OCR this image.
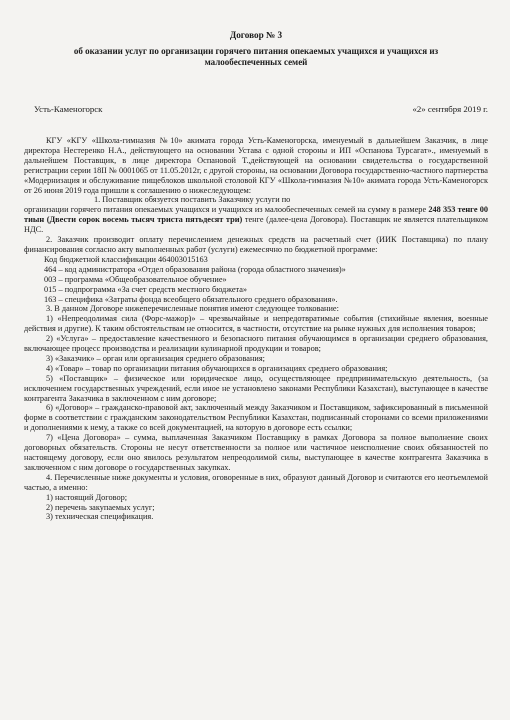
Договор № 3
об оказании услуг по организации горячего питания опекаемых учащихся и учащихся из
малообеспеченных семей
Усть-Каменогорск	«2» сентября 2019 г.

КГУ «КГУ «Школа-гимназия №10» акимата города Усть-Каменогорска, именуемый в дальнейшем Заказчик, в лице директора Нестеренко Н.А., действующего на основании Устава с одной стороны и ИП «Оспанова Турсагат»., именуемый в дальнейшем Поставщик, в лице директора Оспановой Т.,действующей на основании свидетельства о государственной регистрации серии 18II № 0001065 от 11.05.2012г, с другой стороны, на основании Договора государственно-частного партнерства «Модернизация и обслуживание пищеблоков школьной столовой КГУ «Школа-гимназия №10» акимата города Усть-Каменогорск от 26 июня 2019 года пришли к соглашению о нижеследующем:

1. Поставщик обязуется поставить Заказчику услуги по

организации горячего питания опекаемых учащихся и учащихся из малообеспеченных семей на сумму в размере 248 353 тенге 00 тиын (Двести сорок восемь тысяч триста пятьдесят три) тенге (далее-цена Договора). Поставщик не является плательщиком НДС.

2. Заказчик производит оплату перечислением денежных средств на расчетный счет (ИИК Поставщика) по плану финансирования согласно акту выполненных работ (услуги) ежемесячно по бюджетной программе:

Код бюджетной классификации 464003015163

464 – код администратора «Отдел образования района (города областного значения)»

003 – программа «Общеобразовательное обучение»

015 – подпрограмма «За счет средств местного бюджета»

163 – специфика «Затраты фонда всеобщего обязательного среднего образования».

3. В данном Договоре нижеперечисленные понятия имеют следующее толкование:

1) «Непреодолимая сила (Форс-мажор)» – чрезвычайные и непредотвратимые события (стихийные явления, военные действия и другие). К таким обстоятельствам не относится, в частности, отсутствие на рынке нужных для исполнения товаров;

2) «Услуга» – предоставление качественного и безопасного питания обучающимся в организации среднего образования, включающее процесс производства и реализации кулинарной продукции и товаров;

3) «Заказчик» – орган или организация среднего образования;

4) «Товар» – товар по организации питания обучающихся в организациях среднего образования;

5) «Поставщик» – физическое или юридическое лицо, осуществляющее предпринимательскую деятельность, (за исключением государственных учреждений, если иное не установлено законами Республики Казахстан), выступающее в качестве контрагента Заказчика в заключенном с ним договоре;

6) «Договор» – гражданско-правовой акт, заключенный между Заказчиком и Поставщиком, зафиксированный в письменной форме в соответствии с гражданским законодательством Республики Казахстан, подписанный сторонами со всеми приложениями и дополнениями к нему, а также со всей документацией, на которую в договоре есть ссылки;

7) «Цена Договора» – сумма, выплаченная Заказчиком Поставщику в рамках Договора за полное выполнение своих договорных обязательств. Стороны не несут ответственности за полное или частичное неисполнение своих обязанностей по настоящему договору, если оно явилось результатом непреодолимой силы, выступающее в качестве контрагента Заказчика в заключенном с ним договоре о государственных закупках.

4. Перечисленные ниже документы и условия, оговоренные в них, образуют данный Договор и считаются его неотъемлемой частью, а именно:

1) настоящий Договор;

2) перечень закупаемых услуг;

3) техническая спецификация.
